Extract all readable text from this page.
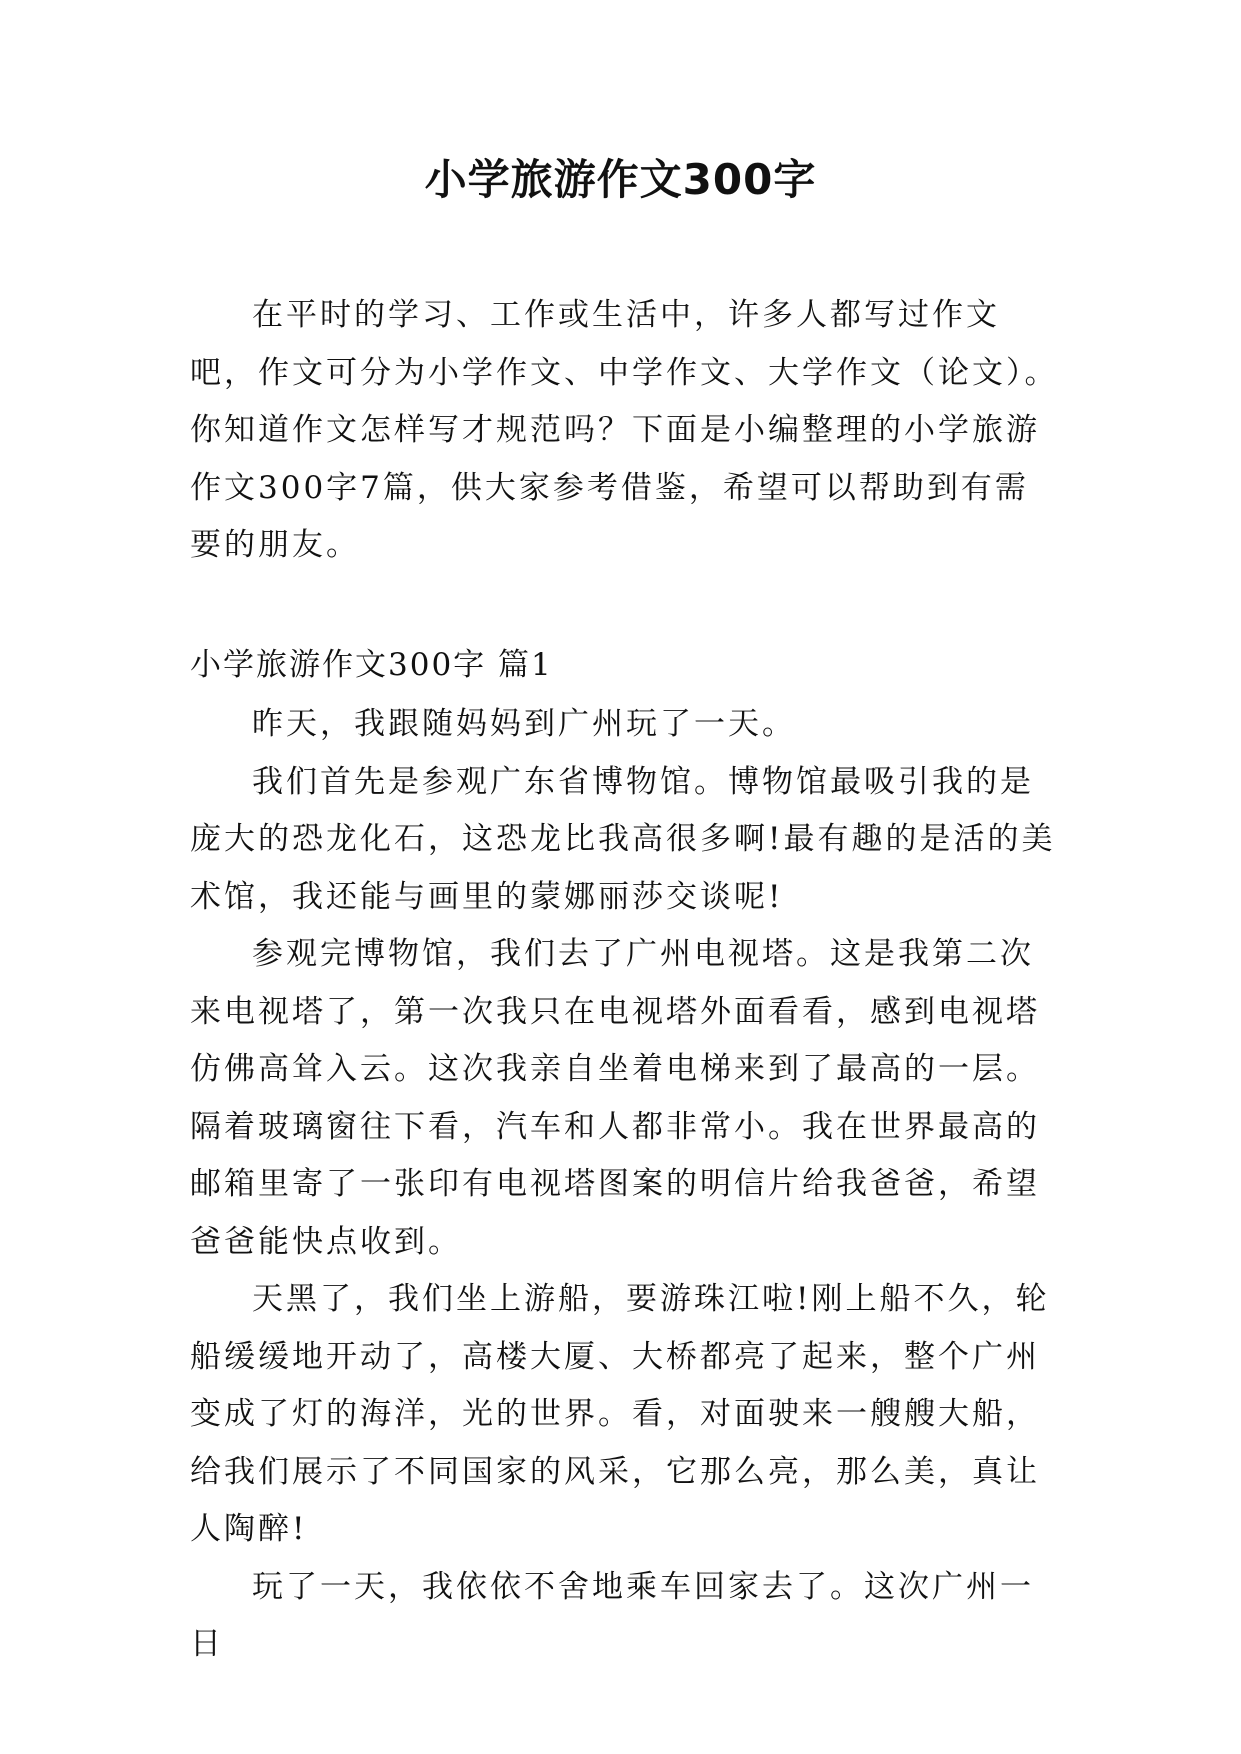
小学旅游作文300字

在平时的学习、工作或生活中，许多人都写过作文吧，作文可分为小学作文、中学作文、大学作文（论文）。你知道作文怎样写才规范吗？下面是小编整理的小学旅游作文300字7篇，供大家参考借鉴，希望可以帮助到有需要的朋友。

小学旅游作文300字 篇1

昨天，我跟随妈妈到广州玩了一天。

我们首先是参观广东省博物馆。博物馆最吸引我的是庞大的恐龙化石，这恐龙比我高很多啊!最有趣的是活的美术馆，我还能与画里的蒙娜丽莎交谈呢!

参观完博物馆，我们去了广州电视塔。这是我第二次来电视塔了，第一次我只在电视塔外面看看，感到电视塔仿佛高耸入云。这次我亲自坐着电梯来到了最高的一层。隔着玻璃窗往下看，汽车和人都非常小。我在世界最高的邮箱里寄了一张印有电视塔图案的明信片给我爸爸，希望爸爸能快点收到。

天黑了，我们坐上游船，要游珠江啦!刚上船不久，轮船缓缓地开动了，高楼大厦、大桥都亮了起来，整个广州变成了灯的海洋，光的世界。看，对面驶来一艘艘大船，给我们展示了不同国家的风采，它那么亮，那么美，真让人陶醉!

玩了一天，我依依不舍地乘车回家去了。这次广州一日
